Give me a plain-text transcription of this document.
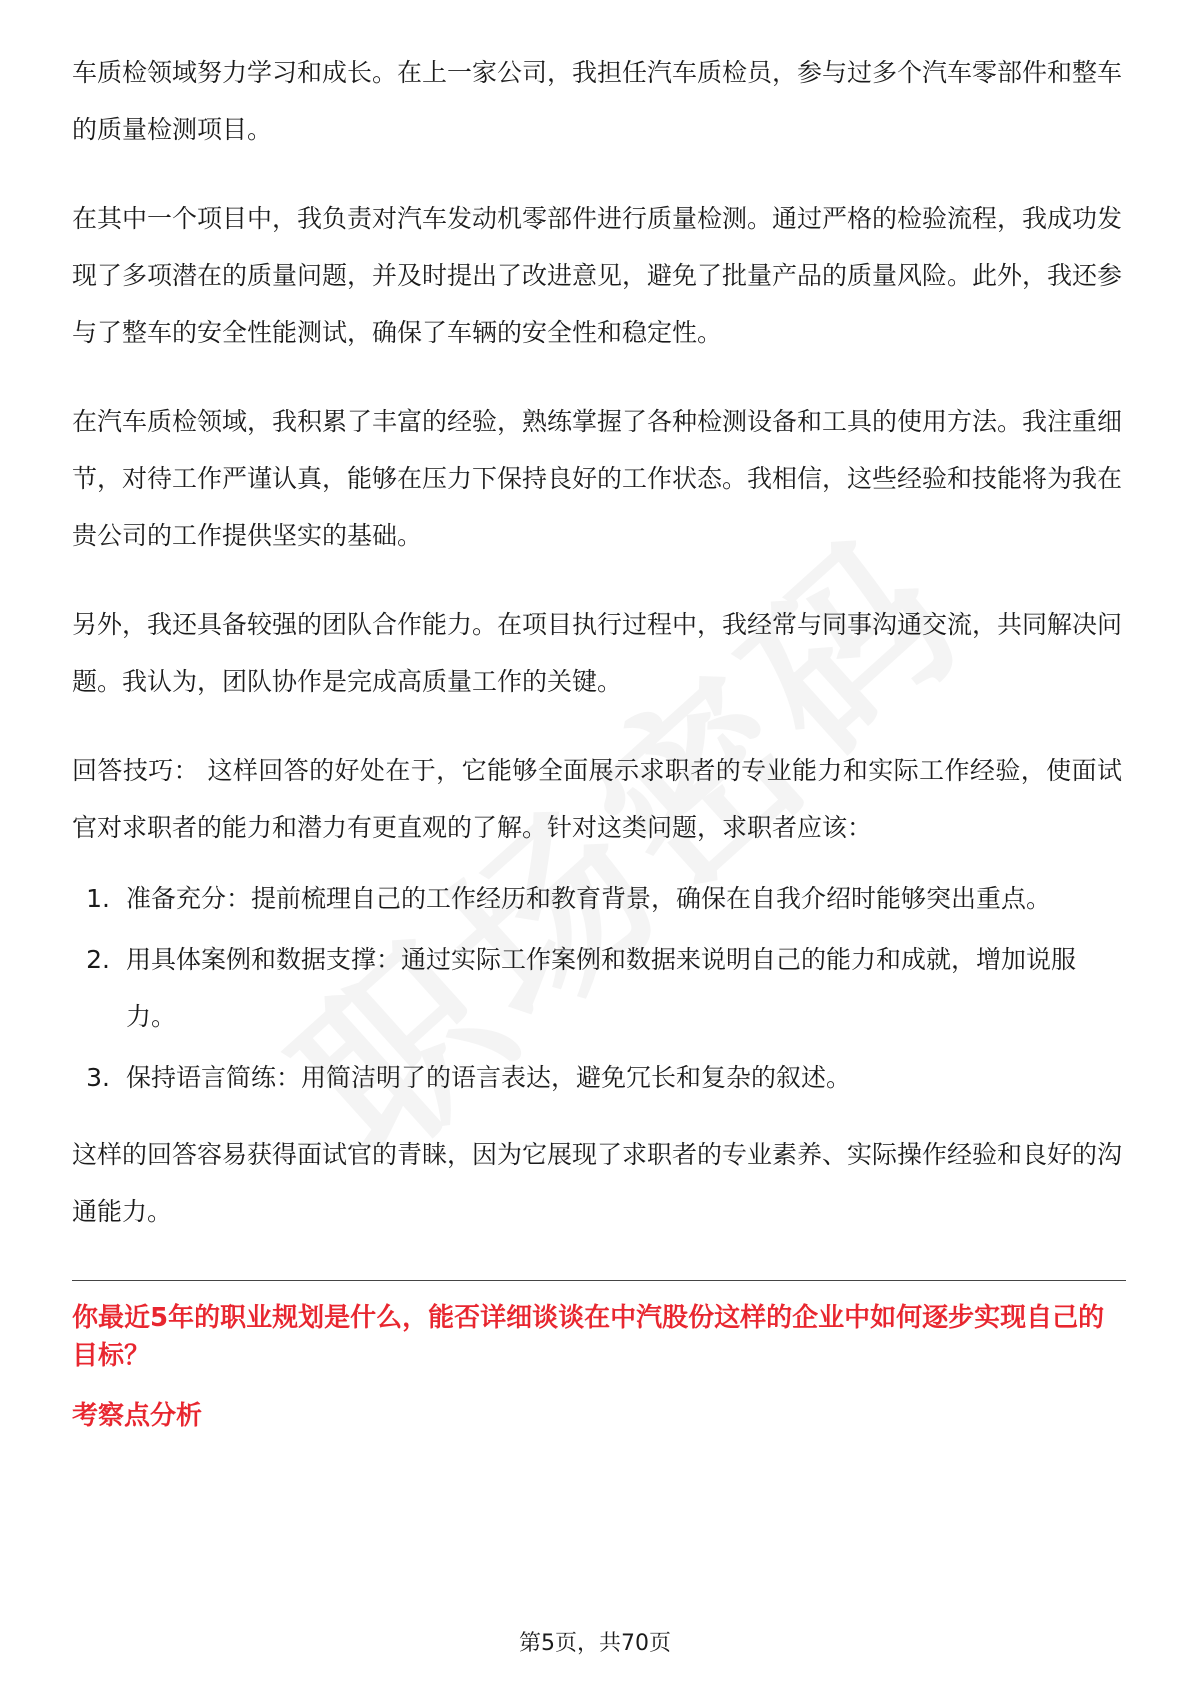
车质检领域努力学习和成长。在上一家公司，我担任汽车质检员，参与过多个汽车零部件和整车的质量检测项目。

在其中一个项目中，我负责对汽车发动机零部件进行质量检测。通过严格的检验流程，我成功发现了多项潜在的质量问题，并及时提出了改进意见，避免了批量产品的质量风险。此外，我还参与了整车的安全性能测试，确保了车辆的安全性和稳定性。

在汽车质检领域，我积累了丰富的经验，熟练掌握了各种检测设备和工具的使用方法。我注重细节，对待工作严谨认真，能够在压力下保持良好的工作状态。我相信，这些经验和技能将为我在贵公司的工作提供坚实的基础。

另外，我还具备较强的团队合作能力。在项目执行过程中，我经常与同事沟通交流，共同解决问题。我认为，团队协作是完成高质量工作的关键。

回答技巧： 这样回答的好处在于，它能够全面展示求职者的专业能力和实际工作经验，使面试官对求职者的能力和潜力有更直观的了解。针对这类问题，求职者应该：

1. 准备充分：提前梳理自己的工作经历和教育背景，确保在自我介绍时能够突出重点。
2. 用具体案例和数据支撑：通过实际工作案例和数据来说明自己的能力和成就，增加说服力。
3. 保持语言简练：用简洁明了的语言表达，避免冗长和复杂的叙述。

这样的回答容易获得面试官的青睐，因为它展现了求职者的专业素养、实际操作经验和良好的沟通能力。

你最近5年的职业规划是什么，能否详细谈谈在中汽股份这样的企业中如何逐步实现自己的目标？

考察点分析

第5页，共70页
